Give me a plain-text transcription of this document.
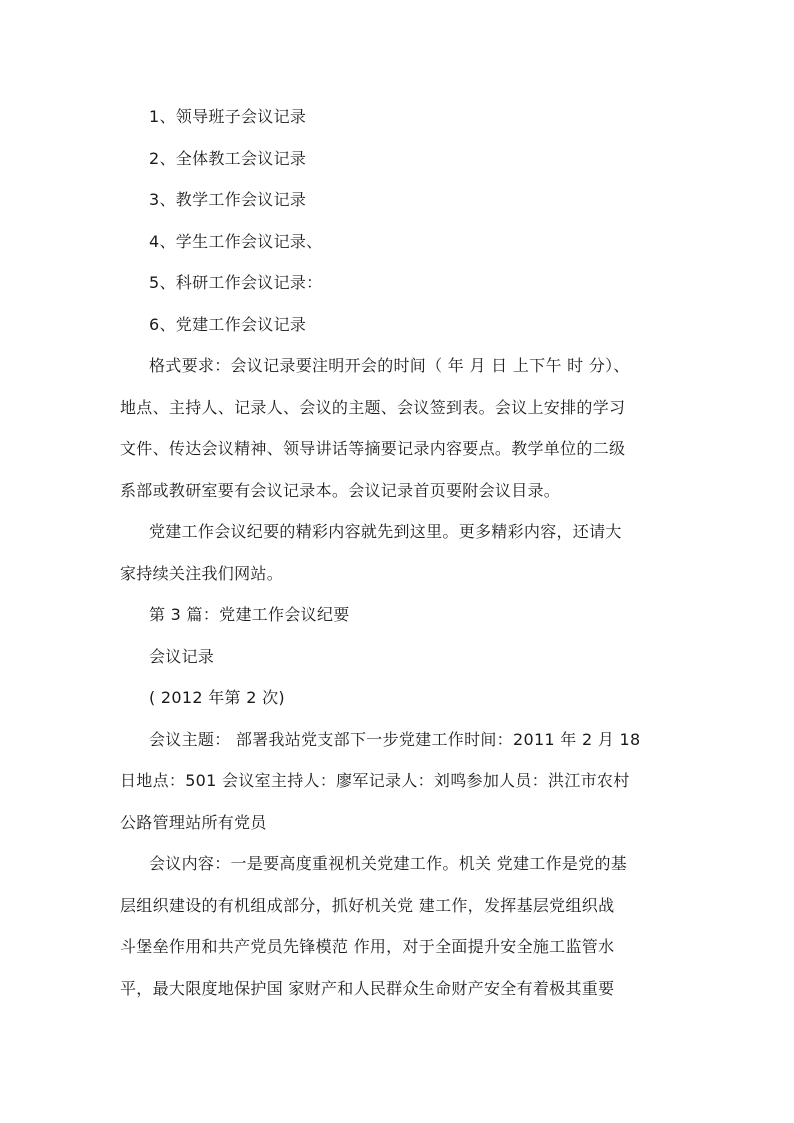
1、领导班子会议记录
2、全体教工会议记录
3、教学工作会议记录
4、学生工作会议记录、
5、科研工作会议记录：
6、党建工作会议记录
格式要求：会议记录要注明开会的时间（ 年 月 日 上下午 时 分）、
地点、主持人、记录人、会议的主题、会议签到表。会议上安排的学习
文件、传达会议精神、领导讲话等摘要记录内容要点。教学单位的二级
系部或教研室要有会议记录本。会议记录首页要附会议目录。
党建工作会议纪要的精彩内容就先到这里。更多精彩内容，还请大
家持续关注我们网站。
第 3 篇：党建工作会议纪要
会议记录
( 2012 年第 2 次)
会议主题： 部署我站党支部下一步党建工作时间：2011 年 2 月 18
日地点：501 会议室主持人：廖军记录人：刘鸣参加人员：洪江市农村
公路管理站所有党员
会议内容：一是要高度重视机关党建工作。机关 党建工作是党的基
层组织建设的有机组成部分，抓好机关党 建工作，发挥基层党组织战
斗堡垒作用和共产党员先锋模范 作用，对于全面提升安全施工监管水
平，最大限度地保护国 家财产和人民群众生命财产安全有着极其重要
